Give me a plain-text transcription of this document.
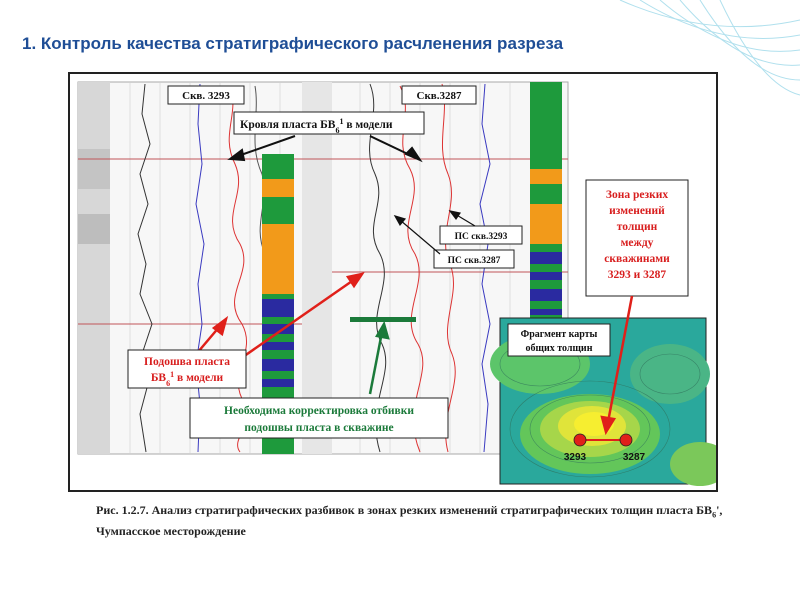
1. Контроль качества стратиграфического расчленения разреза
Скв. 3293	Скв.3287
Кровля пласта $БВ_6^1$ в модели
ПС скв.3293
ПС скв.3287
Подошва пласта
$БВ_6^1$ в модели
Необходима корректировка отбивки
подошвы пласта в скважине
Зона резких
изменений
толщин
между
скважинами
3293 и 3287
Фрагмент карты
общих толщин
3293	3287
Рис. 1.2.7. Анализ стратиграфических разбивок в зонах резких изменений стратиграфических толщин пласта $БВ_6'$, Чумпасское месторождение
